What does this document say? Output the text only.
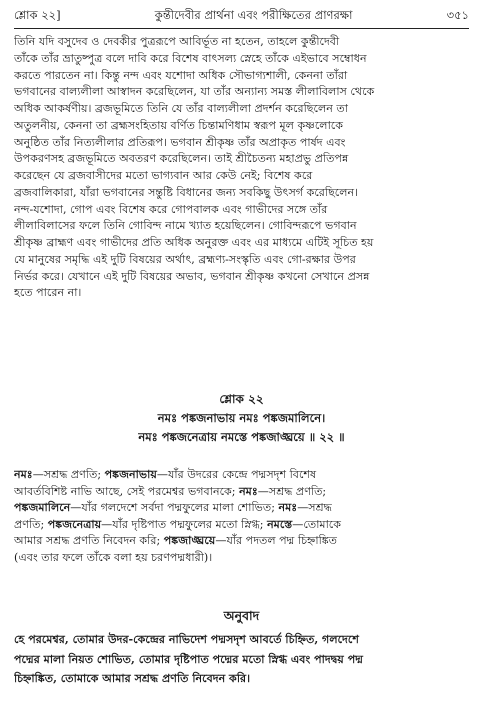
শ্লোক ২২]	কুন্তীদেবীর প্রার্থনা এবং পরীক্ষিতের প্রাণরক্ষা	৩৫১
তিনি যদি বসুদেব ও দেবকীর পুত্ররূপে আবির্ভূত না হতেন, তাহলে কুন্তীদেবী
তাঁকে তাঁর ভ্রাতুষ্পুত্র বলে দাবি করে বিশেষ বাৎসল্য স্নেহে তাঁকে এইভাবে সম্বোধন
করতে পারতেন না। কিন্তু নন্দ এবং যশোদা অধিক সৌভাগ্যশালী, কেননা তাঁরা
ভগবানের বাল্যলীলা আস্বাদন করেছিলেন, যা তাঁর অন্যান্য সমস্ত লীলাবিলাস থেকে
অধিক আকর্ষণীয়। ব্রজভূমিতে তিনি যে তাঁর বাল্যলীলা প্রদর্শন করেছিলেন তা
অতুলনীয়, কেননা তা ব্রহ্মসংহিতায় বর্ণিত চিন্তামণিধাম স্বরূপ মূল কৃষ্ণলোকে
অনুষ্ঠিত তাঁর নিত্যলীলার প্রতিরূপ। ভগবান শ্রীকৃষ্ণ তাঁর অপ্রাকৃত পার্ষদ এবং
উপকরণসহ ব্রজভূমিতে অবতরণ করেছিলেন। তাই শ্রীচৈতন্য মহাপ্রভু প্রতিপন্ন
করেছেন যে ব্রজবাসীদের মতো ভাগ্যবান আর কেউ নেই; বিশেষ করে
ব্রজবালিকারা, যাঁরা ভগবানের সন্তুষ্টি বিধানের জন্য সবকিছু উৎসর্গ করেছিলেন।
নন্দ-যশোদা, গোপ এবং বিশেষ করে গোপবালক এবং গাভীদের সঙ্গে তাঁর
লীলাবিলাসের ফলে তিনি গোবিন্দ নামে খ্যাত হয়েছিলেন। গোবিন্দরূপে ভগবান
শ্রীকৃষ্ণ ব্রাহ্মণ এবং গাভীদের প্রতি অধিক অনুরক্ত এবং এর মাধ্যমে এটিই সূচিত হয়
যে মানুষের সমৃদ্ধি এই দুটি বিষয়ের অর্থাৎ, ব্রহ্মণ্য-সংস্কৃতি এবং গো-রক্ষার উপর
নির্ভর করে। যেখানে এই দুটি বিষয়ের অভাব, ভগবান শ্রীকৃষ্ণ কখনো সেখানে প্রসন্ন
হতে পারেন না।
শ্লোক ২২
নমঃ পঙ্কজনাভায় নমঃ পঙ্কজমালিনে।
নমঃ পঙ্কজনেত্রায় নমস্তে পঙ্কজাঙ্ঘ্রয়ে ॥ ২২ ॥
নমঃ—সশ্রদ্ধ প্রণতি; পঙ্কজনাভায়—যাঁর উদরের কেন্দ্রে পদ্মসদৃশ বিশেষ
আবর্তবিশিষ্ট নাভি আছে, সেই পরমেশ্বর ভগবানকে; নমঃ—সশ্রদ্ধ প্রণতি;
পঙ্কজমালিনে—যাঁর গলদেশে সর্বদা পদ্মফুলের মালা শোভিত; নমঃ—সশ্রদ্ধ
প্রণতি; পঙ্কজনেত্রায়—যাঁর দৃষ্টিপাত পদ্মফুলের মতো স্নিগ্ধ; নমস্তে—তোমাকে
আমার সশ্রদ্ধ প্রণতি নিবেদন করি; পঙ্কজাঙ্ঘ্রয়ে—যাঁর পদতল পদ্ম চিহ্নাঙ্কিত
(এবং তার ফলে তাঁকে বলা হয় চরণপদ্মধারী)।
অনুবাদ
হে পরমেশ্বর, তোমার উদর-কেন্দ্রের নাভিদেশ পদ্মসদৃশ আবর্তে চিহ্নিত, গলদেশে
পদ্মের মালা নিয়ত শোভিত, তোমার দৃষ্টিপাত পদ্মের মতো স্নিগ্ধ এবং পাদদ্বয় পদ্ম
চিহ্নাঙ্কিত, তোমাকে আমার সশ্রদ্ধ প্রণতি নিবেদন করি।
